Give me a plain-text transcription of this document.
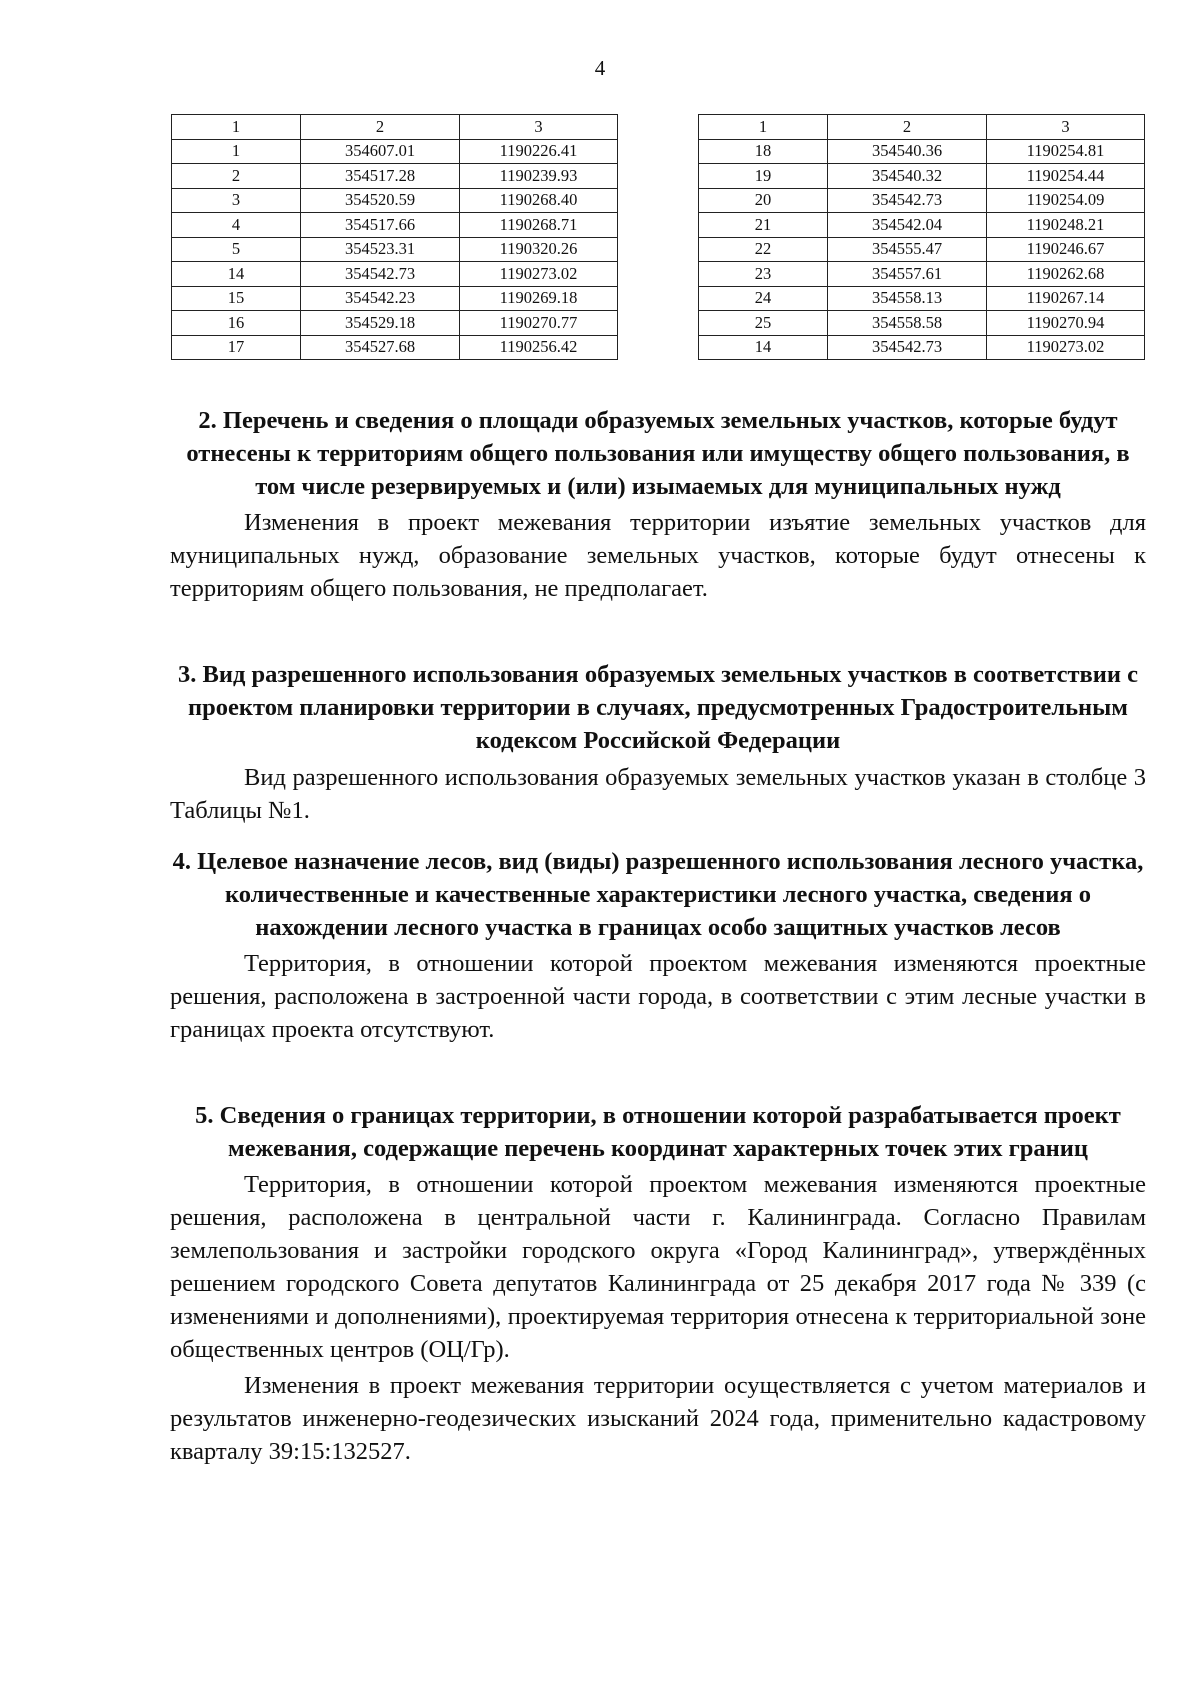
4
1	2	3
1	354607.01	1190226.41
2	354517.28	1190239.93
3	354520.59	1190268.40
4	354517.66	1190268.71
5	354523.31	1190320.26
14	354542.73	1190273.02
15	354542.23	1190269.18
16	354529.18	1190270.77
17	354527.68	1190256.42
1	2	3
18	354540.36	1190254.81
19	354540.32	1190254.44
20	354542.73	1190254.09
21	354542.04	1190248.21
22	354555.47	1190246.67
23	354557.61	1190262.68
24	354558.13	1190267.14
25	354558.58	1190270.94
14	354542.73	1190273.02
2. Перечень и сведения о площади образуемых земельных участков, которые будут отнесены к территориям общего пользования или имуществу общего пользования, в том числе резервируемых и (или) изымаемых для муниципальных нужд

Изменения в проект межевания территории изъятие земельных участков для муниципальных нужд, образование земельных участков, которые будут отнесены к территориям общего пользования, не предполагает.

3. Вид разрешенного использования образуемых земельных участков в соответствии с проектом планировки территории в случаях, предусмотренных Градостроительным кодексом Российской Федерации

Вид разрешенного использования образуемых земельных участков указан в столбце 3 Таблицы №1.

4. Целевое назначение лесов, вид (виды) разрешенного использования лесного участка, количественные и качественные характеристики лесного участка, сведения о нахождении лесного участка в границах особо защитных участков лесов

Территория, в отношении которой проектом межевания изменяются проектные решения, расположена в застроенной части города, в соответствии с этим лесные участки в границах проекта отсутствуют.

5. Сведения о границах территории, в отношении которой разрабатывается проект межевания, содержащие перечень координат характерных точек этих границ

Территория, в отношении которой проектом межевания изменяются проектные решения, расположена в центральной части г. Калининграда. Согласно Правилам землепользования и застройки городского округа «Город Калининград», утверждённых решением городского Совета депутатов Калининграда от 25 декабря 2017 года № 339 (с изменениями и дополнениями), проектируемая территория отнесена к территориальной зоне общественных центров (ОЦ/Гр).

Изменения в проект межевания территории осуществляется с учетом материалов и результатов инженерно-геодезических изысканий 2024 года, применительно кадастровому кварталу 39:15:132527.
